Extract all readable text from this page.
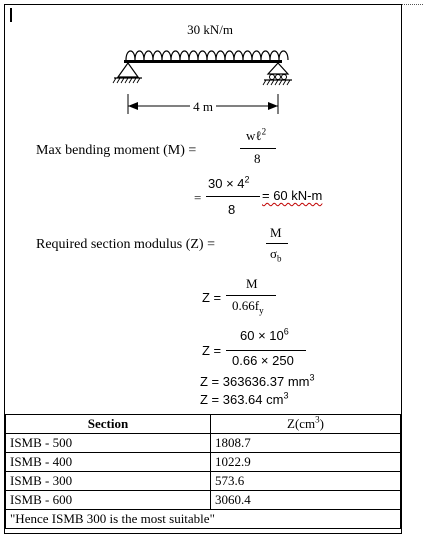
30 kN/m
4 m
Max bending moment (M) =
wℓ$^2$
8
=
$30 \times 4^2$
8
= 60 kN-m
Required section modulus (Z) =
M
$\sigma_b$
Z =
M
$0.66f_y$
Z =
$60 \times 10^6$
0.66 × 250
Z = 363636.37 $mm^3$
Z = 363.64 $cm^3$
Section	$Z(cm^3)$
ISMB - 500	1808.7
ISMB - 400	1022.9
ISMB - 300	573.6
ISMB - 600	3060.4
"Hence ISMB 300 is the most suitable"	
